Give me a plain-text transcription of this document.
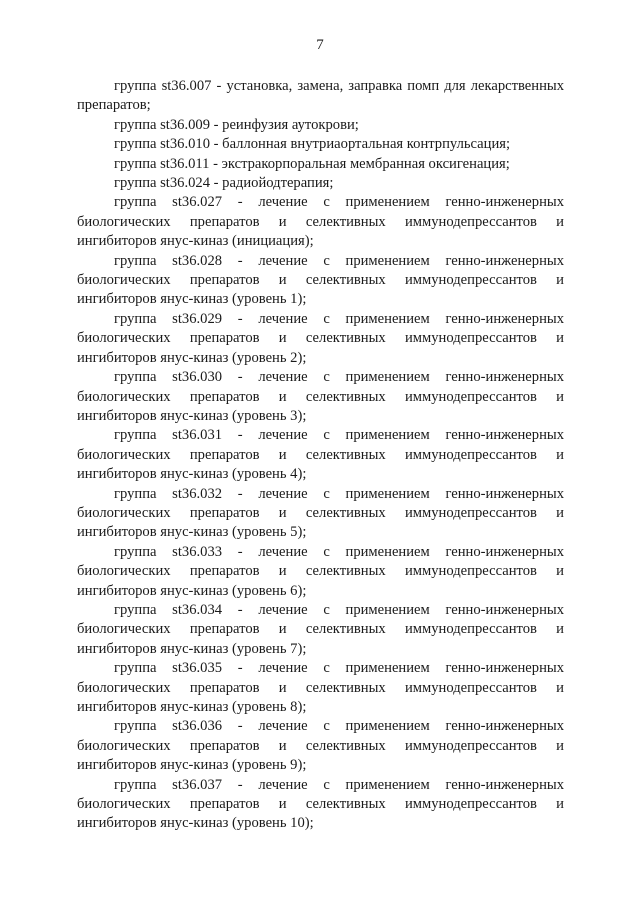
7

группа st36.007 - установка, замена, заправка помп для лекарственных препаратов;

группа st36.009 - реинфузия аутокрови;

группа st36.010 - баллонная внутриаортальная контрпульсация;

группа st36.011 - экстракорпоральная мембранная оксигенация;

группа st36.024 - радиойодтерапия;

группа st36.027 - лечение с применением генно-инженерных биологических препаратов и селективных иммунодепрессантов и ингибиторов янус-киназ (инициация);

группа st36.028 - лечение с применением генно-инженерных биологических препаратов и селективных иммунодепрессантов и ингибиторов янус-киназ (уровень 1);

группа st36.029 - лечение с применением генно-инженерных биологических препаратов и селективных иммунодепрессантов и ингибиторов янус-киназ (уровень 2);

группа st36.030 - лечение с применением генно-инженерных биологических препаратов и селективных иммунодепрессантов и ингибиторов янус-киназ (уровень 3);

группа st36.031 - лечение с применением генно-инженерных биологических препаратов и селективных иммунодепрессантов и ингибиторов янус-киназ (уровень 4);

группа st36.032 - лечение с применением генно-инженерных биологических препаратов и селективных иммунодепрессантов и ингибиторов янус-киназ (уровень 5);

группа st36.033 - лечение с применением генно-инженерных биологических препаратов и селективных иммунодепрессантов и ингибиторов янус-киназ (уровень 6);

группа st36.034 - лечение с применением генно-инженерных биологических препаратов и селективных иммунодепрессантов и ингибиторов янус-киназ (уровень 7);

группа st36.035 - лечение с применением генно-инженерных биологических препаратов и селективных иммунодепрессантов и ингибиторов янус-киназ (уровень 8);

группа st36.036 - лечение с применением генно-инженерных биологических препаратов и селективных иммунодепрессантов и ингибиторов янус-киназ (уровень 9);

группа st36.037 - лечение с применением генно-инженерных биологических препаратов и селективных иммунодепрессантов и ингибиторов янус-киназ (уровень 10);
